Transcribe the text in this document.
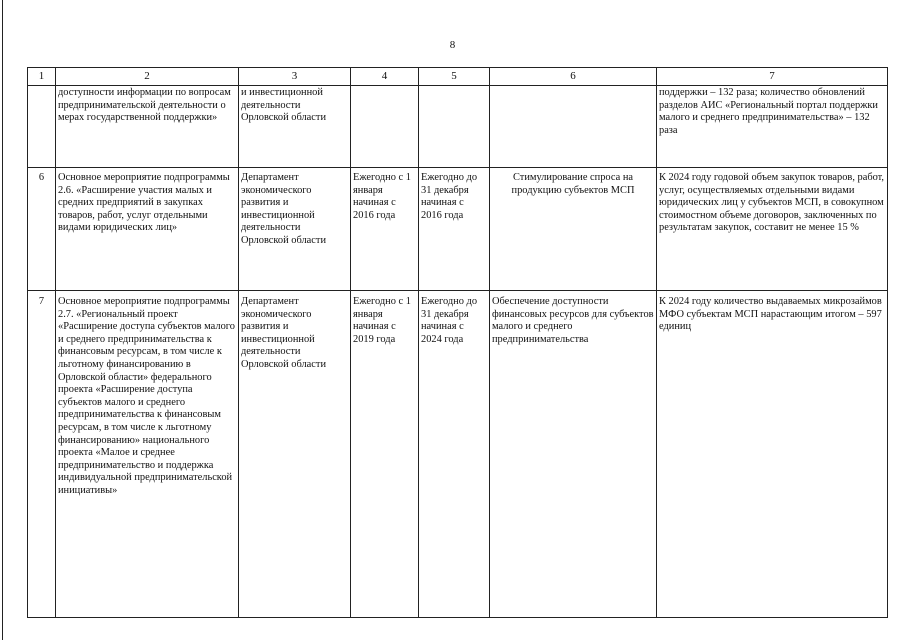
8
1	2	3	4	5	6	7
	доступности информации по вопросам предпринимательской деятельности о мерах государственной поддержки»	и инвестиционной деятельности Орловской области				поддержки – 132 раза; количество обновлений разделов АИС «Региональный портал поддержки малого и среднего предпринимательства» – 132 раза
6	Основное мероприятие подпрограммы 2.6. «Расширение участия малых и средних предприятий в закупках товаров, работ, услуг отдельными видами юридических лиц»	Департамент экономического развития и инвестиционной деятельности Орловской области	Ежегодно с 1 января начиная с 2016 года	Ежегодно до 31 декабря начиная с 2016 года	Стимулирование спроса на продукцию субъектов МСП	К 2024 году годовой объем закупок товаров, работ, услуг, осуществляемых отдельными видами юридических лиц у субъектов МСП, в совокупном стоимостном объеме договоров, заключенных по результатам закупок, составит не менее 15 %
7	Основное мероприятие подпрограммы 2.7. «Региональный проект «Расширение доступа субъектов малого и среднего предпринимательства к финансовым ресурсам, в том числе к льготному финансированию в Орловской области» федерального проекта «Расширение доступа субъектов малого и среднего предпринимательства к финансовым ресурсам, в том числе к льготному финансированию» национального проекта «Малое и среднее предпринимательство и поддержка индивидуальной предпринимательской инициативы»	Департамент экономического развития и инвестиционной деятельности Орловской области	Ежегодно с 1 января начиная с 2019 года	Ежегодно до 31 декабря начиная с 2024 года	Обеспечение доступности финансовых ресурсов для субъектов малого и среднего предпринимательства	К 2024 году количество выдаваемых микрозаймов МФО субъектам МСП нарастающим итогом – 597 единиц
